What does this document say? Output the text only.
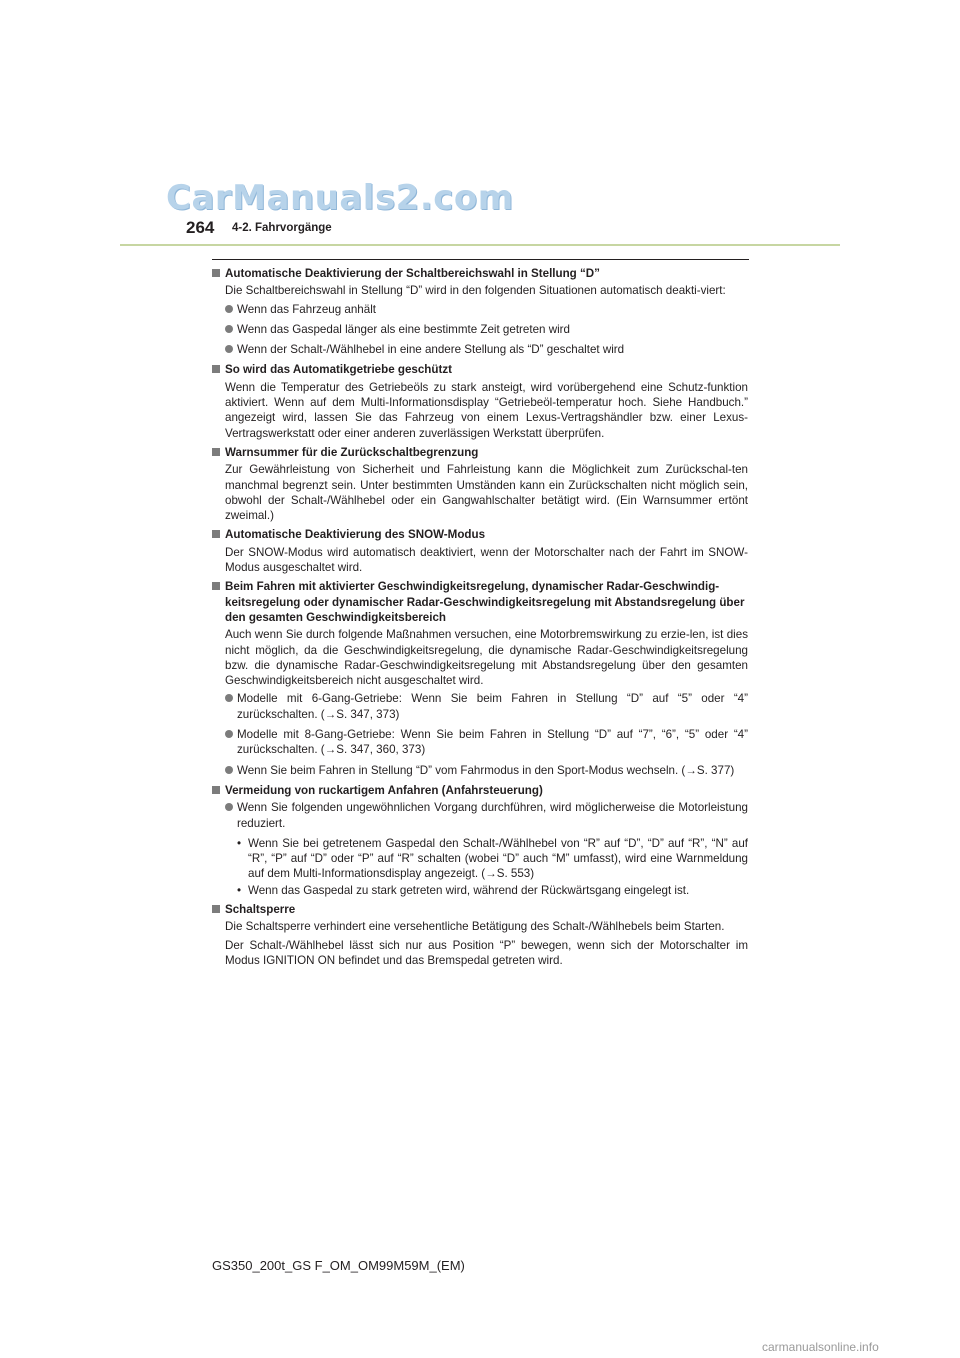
CarManuals2.com
264 4-2. Fahrvorgänge
Automatische Deaktivierung der Schaltbereichswahl in Stellung “D”
Die Schaltbereichswahl in Stellung “D” wird in den folgenden Situationen automatisch deakti-viert:
Wenn das Fahrzeug anhält
Wenn das Gaspedal länger als eine bestimmte Zeit getreten wird
Wenn der Schalt-/Wählhebel in eine andere Stellung als “D” geschaltet wird
So wird das Automatikgetriebe geschützt
Wenn die Temperatur des Getriebeöls zu stark ansteigt, wird vorübergehend eine Schutz-funktion aktiviert. Wenn auf dem Multi-Informationsdisplay “Getriebeöl-temperatur hoch. Siehe Handbuch.” angezeigt wird, lassen Sie das Fahrzeug von einem Lexus-Vertragshändler bzw. einer Lexus-Vertragswerkstatt oder einer anderen zuverlässigen Werkstatt überprüfen.
Warnsummer für die Zurückschaltbegrenzung
Zur Gewährleistung von Sicherheit und Fahrleistung kann die Möglichkeit zum Zurückschal-ten manchmal begrenzt sein. Unter bestimmten Umständen kann ein Zurückschalten nicht möglich sein, obwohl der Schalt-/Wählhebel oder ein Gangwahlschalter betätigt wird. (Ein Warnsummer ertönt zweimal.)
Automatische Deaktivierung des SNOW-Modus
Der SNOW-Modus wird automatisch deaktiviert, wenn der Motorschalter nach der Fahrt im SNOW-Modus ausgeschaltet wird.
Beim Fahren mit aktivierter Geschwindigkeitsregelung, dynamischer Radar-Geschwindig-keitsregelung oder dynamischer Radar-Geschwindigkeitsregelung mit Abstandsregelung über den gesamten Geschwindigkeitsbereich
Auch wenn Sie durch folgende Maßnahmen versuchen, eine Motorbremswirkung zu erzie-len, ist dies nicht möglich, da die Geschwindigkeitsregelung, die dynamische Radar-Geschwindigkeitsregelung bzw. die dynamische Radar-Geschwindigkeitsregelung mit Abstandsregelung über den gesamten Geschwindigkeitsbereich nicht ausgeschaltet wird.
Modelle mit 6-Gang-Getriebe: Wenn Sie beim Fahren in Stellung “D” auf “5” oder “4” zurückschalten. (→S. 347, 373)
Modelle mit 8-Gang-Getriebe: Wenn Sie beim Fahren in Stellung “D” auf “7”, “6”, “5” oder “4” zurückschalten. (→S. 347, 360, 373)
Wenn Sie beim Fahren in Stellung “D” vom Fahrmodus in den Sport-Modus wechseln. (→S. 377)
Vermeidung von ruckartigem Anfahren (Anfahrsteuerung)
Wenn Sie folgenden ungewöhnlichen Vorgang durchführen, wird möglicherweise die Motorleistung reduziert.
• Wenn Sie bei getretenem Gaspedal den Schalt-/Wählhebel von “R” auf “D”, “D” auf “R”, “N” auf “R”, “P” auf “D” oder “P” auf “R” schalten (wobei “D” auch “M” umfasst), wird eine Warnmeldung auf dem Multi-Informationsdisplay angezeigt. (→S. 553)
• Wenn das Gaspedal zu stark getreten wird, während der Rückwärtsgang eingelegt ist.
Schaltsperre
Die Schaltsperre verhindert eine versehentliche Betätigung des Schalt-/Wählhebels beim Starten.
Der Schalt-/Wählhebel lässt sich nur aus Position “P” bewegen, wenn sich der Motorschalter im Modus IGNITION ON befindet und das Bremspedal getreten wird.
GS350_200t_GS F_OM_OM99M59M_(EM)
carmanualsonline.info
